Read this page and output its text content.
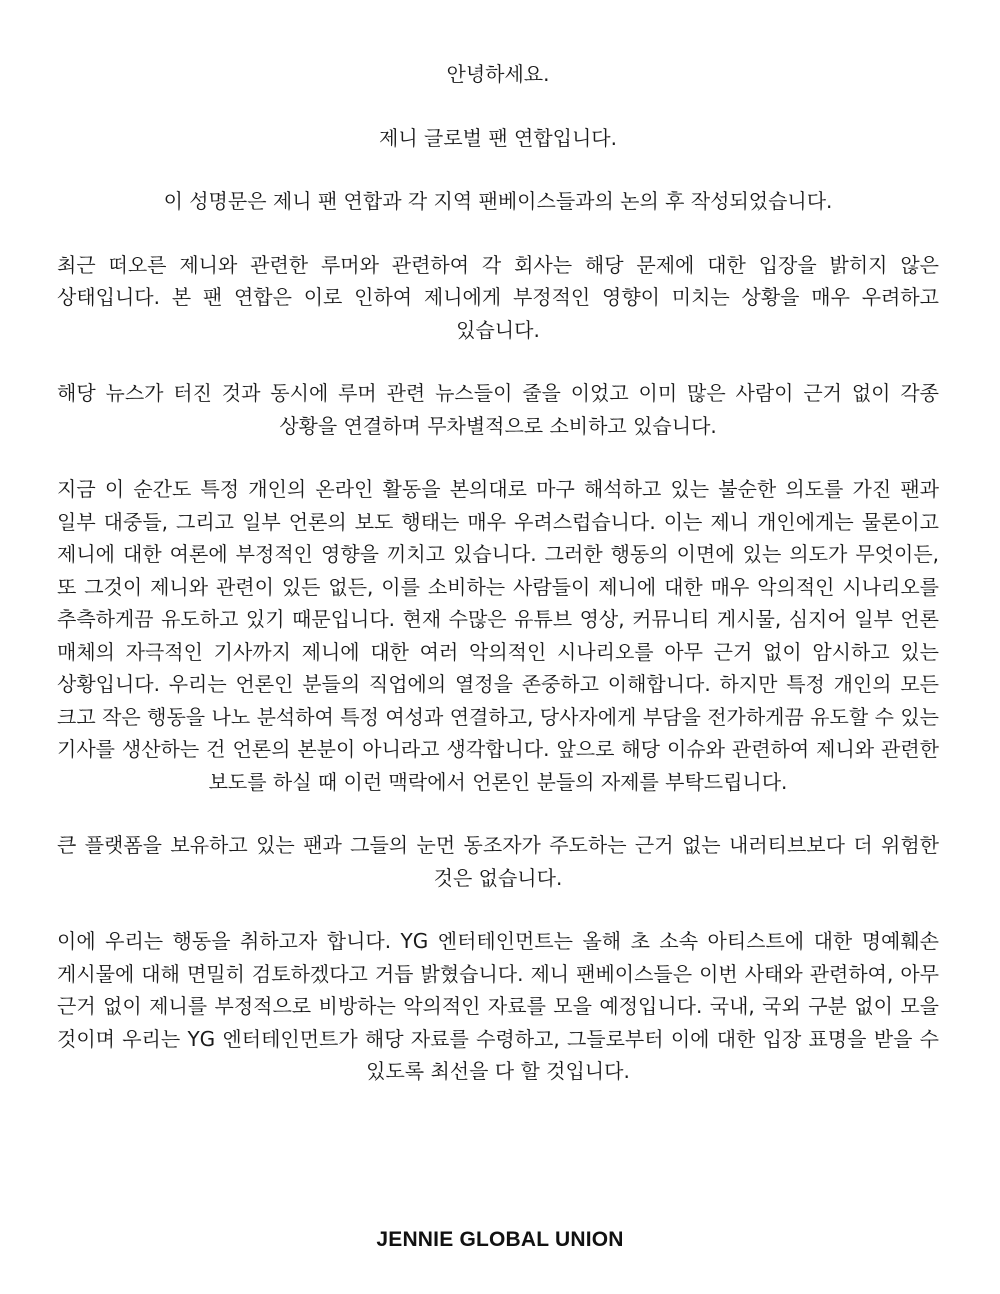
안녕하세요.

제니 글로벌 팬 연합입니다.

이 성명문은 제니 팬 연합과 각 지역 팬베이스들과의 논의 후 작성되었습니다.

최근 떠오른 제니와 관련한 루머와 관련하여 각 회사는 해당 문제에 대한 입장을 밝히지 않은 상태입니다. 본 팬 연합은 이로 인하여 제니에게 부정적인 영향이 미치는 상황을 매우 우려하고 있습니다.

해당 뉴스가 터진 것과 동시에 루머 관련 뉴스들이 줄을 이었고 이미 많은 사람이 근거 없이 각종 상황을 연결하며 무차별적으로 소비하고 있습니다.

지금 이 순간도 특정 개인의 온라인 활동을 본의대로 마구 해석하고 있는 불순한 의도를 가진 팬과 일부 대중들, 그리고 일부 언론의 보도 행태는 매우 우려스럽습니다. 이는 제니 개인에게는 물론이고 제니에 대한 여론에 부정적인 영향을 끼치고 있습니다. 그러한 행동의 이면에 있는 의도가 무엇이든, 또 그것이 제니와 관련이 있든 없든, 이를 소비하는 사람들이 제니에 대한 매우 악의적인 시나리오를 추측하게끔 유도하고 있기 때문입니다. 현재 수많은 유튜브 영상, 커뮤니티 게시물, 심지어 일부 언론 매체의 자극적인 기사까지 제니에 대한 여러 악의적인 시나리오를 아무 근거 없이 암시하고 있는 상황입니다. 우리는 언론인 분들의 직업에의 열정을 존중하고 이해합니다. 하지만 특정 개인의 모든 크고 작은 행동을 나노 분석하여 특정 여성과 연결하고, 당사자에게 부담을 전가하게끔 유도할 수 있는 기사를 생산하는 건 언론의 본분이 아니라고 생각합니다. 앞으로 해당 이슈와 관련하여 제니와 관련한 보도를 하실 때 이런 맥락에서 언론인 분들의 자제를 부탁드립니다.

큰 플랫폼을 보유하고 있는 팬과 그들의 눈먼 동조자가 주도하는 근거 없는 내러티브보다 더 위험한 것은 없습니다.

이에 우리는 행동을 취하고자 합니다. YG 엔터테인먼트는 올해 초 소속 아티스트에 대한 명예훼손 게시물에 대해 면밀히 검토하겠다고 거듭 밝혔습니다. 제니 팬베이스들은 이번 사태와 관련하여, 아무 근거 없이 제니를 부정적으로 비방하는 악의적인 자료를 모을 예정입니다. 국내, 국외 구분 없이 모을 것이며 우리는 YG 엔터테인먼트가 해당 자료를 수령하고, 그들로부터 이에 대한 입장 표명을 받을 수 있도록 최선을 다 할 것입니다.

JENNIE GLOBAL UNION
